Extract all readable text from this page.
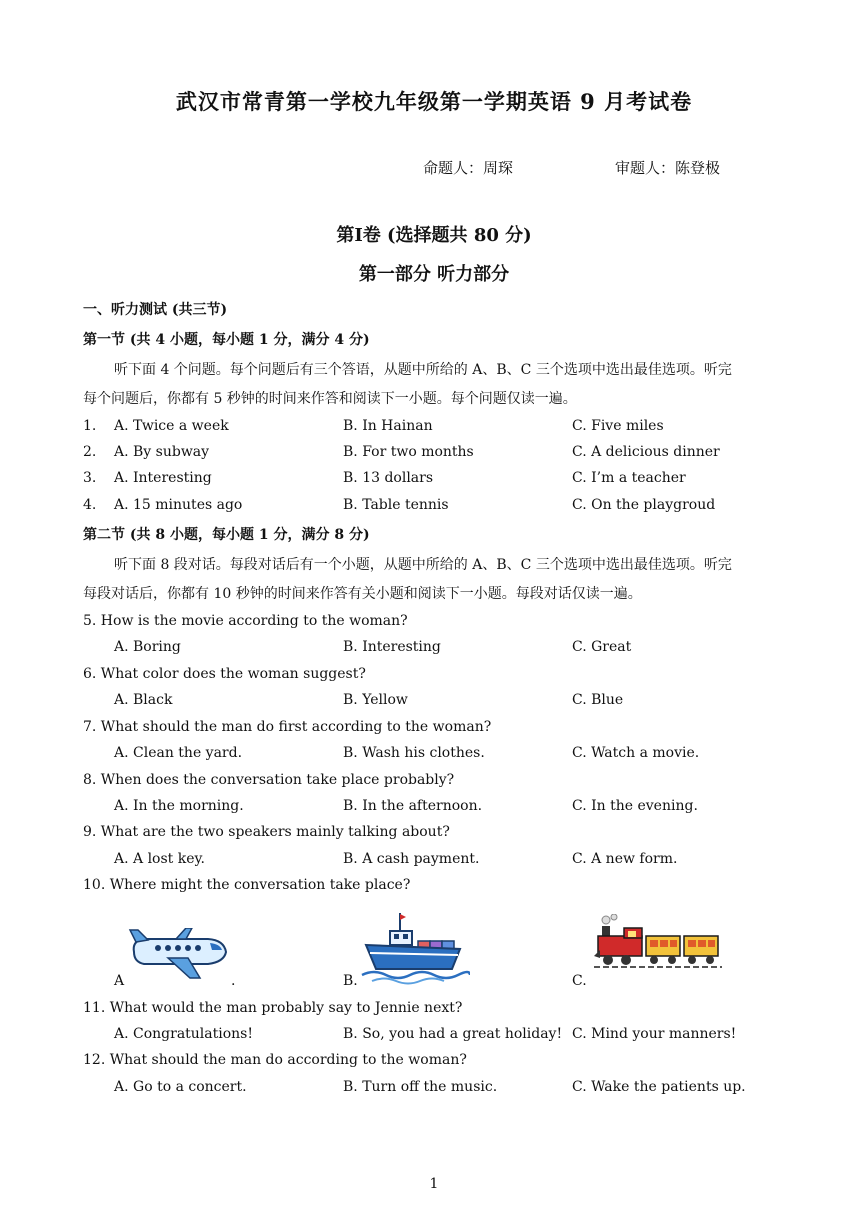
武汉市常青第一学校九年级第一学期英语 9 月考试卷
命题人：周琛	审题人：陈登极
第Ⅰ卷 (选择题共 80 分)
第一部分 听力部分
一、听力测试 (共三节)
第一节 (共 4 小题，每小题 1 分，满分 4 分)
听下面 4 个问题。每个问题后有三个答语，从题中所给的 A、B、C 三个选项中选出最佳选项。听完
每个问题后，你都有 5 秒钟的时间来作答和阅读下一小题。每个问题仅读一遍。
1. A. Twice a week	B. In Hainan	C. Five miles
2. A. By subway	B. For two months	C. A delicious dinner
3. A. Interesting	B. 13 dollars	C. I’m a teacher
4. A. 15 minutes ago	B. Table tennis	C. On the playgroud
第二节 (共 8 小题，每小题 1 分，满分 8 分)
听下面 8 段对话。每段对话后有一个小题，从题中所给的 A、B、C 三个选项中选出最佳选项。听完
每段对话后，你都有 10 秒钟的时间来作答有关小题和阅读下一小题。每段对话仅读一遍。
5. How is the movie according to the woman?
A. Boring	B. Interesting	C. Great
6. What color does the woman suggest?
A. Black	B. Yellow	C. Blue
7. What should the man do first according to the woman?
A. Clean the yard.	B. Wash his clothes.	C. Watch a movie.
8. When does the conversation take place probably?
A. In the morning.	B. In the afternoon.	C. In the evening.
9. What are the two speakers mainly talking about?
A. A lost key.	B. A cash payment.	C. A new form.
10. Where might the conversation take place?
A	.	B.	C.
11. What would the man probably say to Jennie next?
A. Congratulations!	B. So, you had a great holiday! C. Mind your manners!
12. What should the man do according to the woman?
A. Go to a concert.	B. Turn off the music.	C. Wake the patients up.
1
